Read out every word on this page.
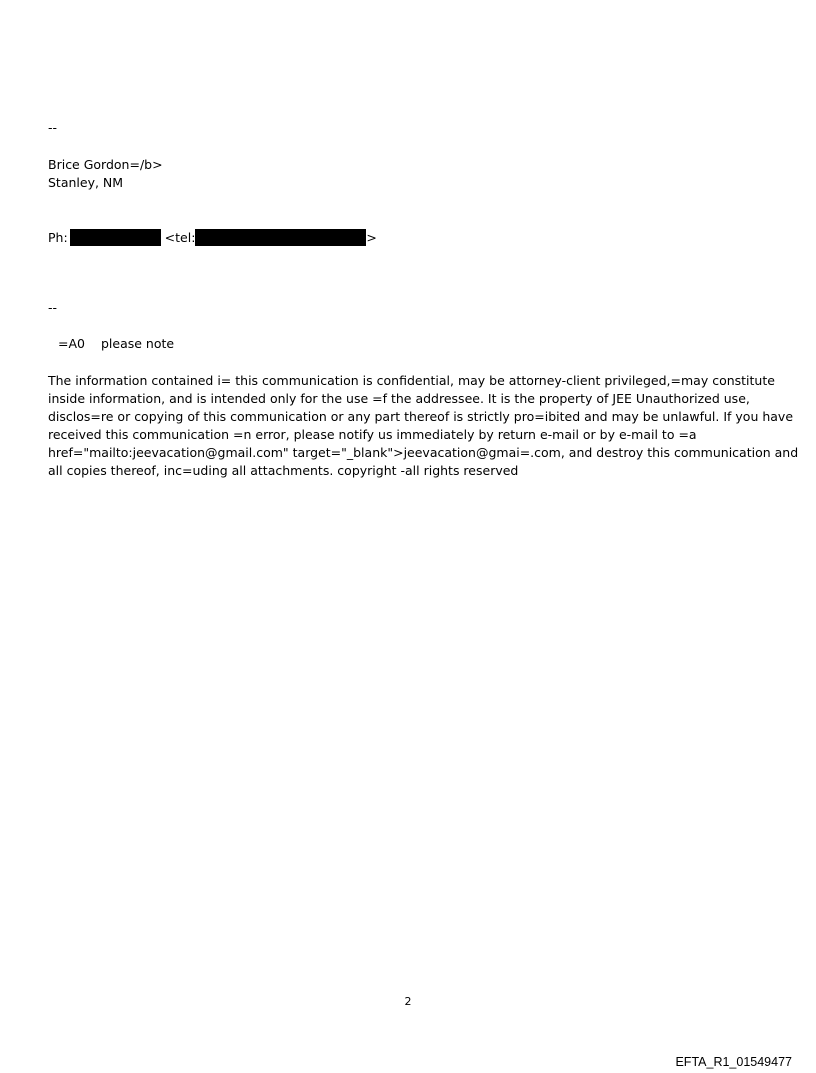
--
Brice Gordon=/b>
Stanley, NM
Ph:	<tel:	>
--
=A0 please note
The information contained i= this communication is confidential, may be attorney-client privileged,=may constitute
inside information, and is intended only for the use =f the addressee. It is the property of JEE Unauthorized use,
disclos=re or copying of this communication or any part thereof is strictly pro=ibited and may be unlawful. If you have
received this communication =n error, please notify us immediately by return e-mail or by e-mail to =a
href="mailto:jeevacation@gmail.com" target="_blank">jeevacation@gmai=.com, and destroy this communication and
all copies thereof, inc=uding all attachments. copyright -all rights reserved
2
EFTA_R1_01549477
